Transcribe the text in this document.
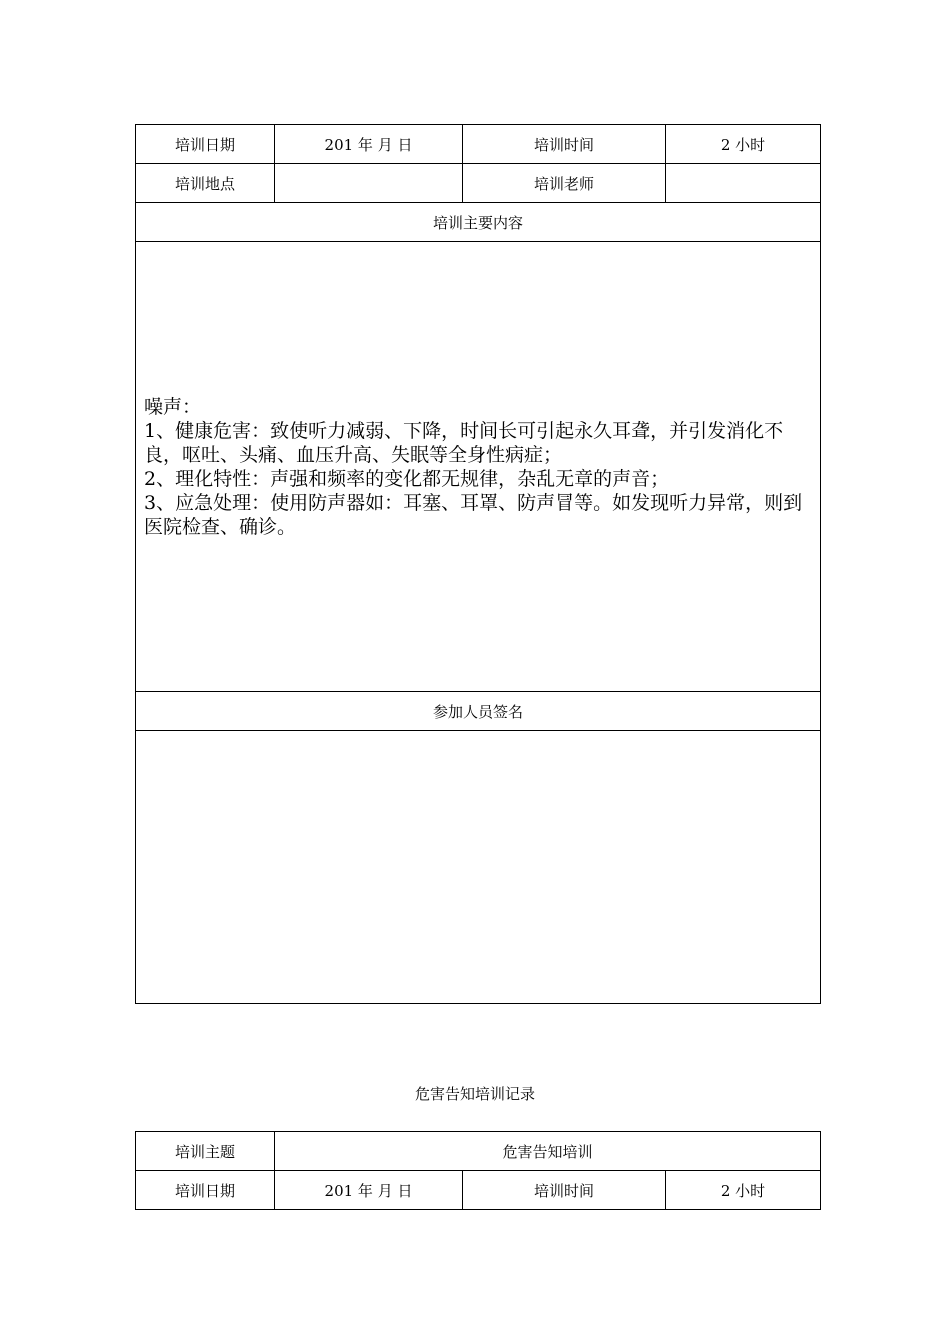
培训日期	201 年 月 日	培训时间	2 小时
培训地点		培训老师	
培训主要内容			

噪声：

1、健康危害：致使听力减弱、下降，时间长可引起永久耳聋，并引发消化不良，呕吐、头痛、血压升高、失眠等全身性病症；

2、理化特性：声强和频率的变化都无规律，杂乱无章的声音；

3、应急处理：使用防声器如：耳塞、耳罩、防声冒等。如发现听力异常，则到医院检查、确诊。			

参加人员签名			

危害告知培训记录
培训主题	危害告知培训		
培训日期	201 年 月 日	培训时间	2 小时
